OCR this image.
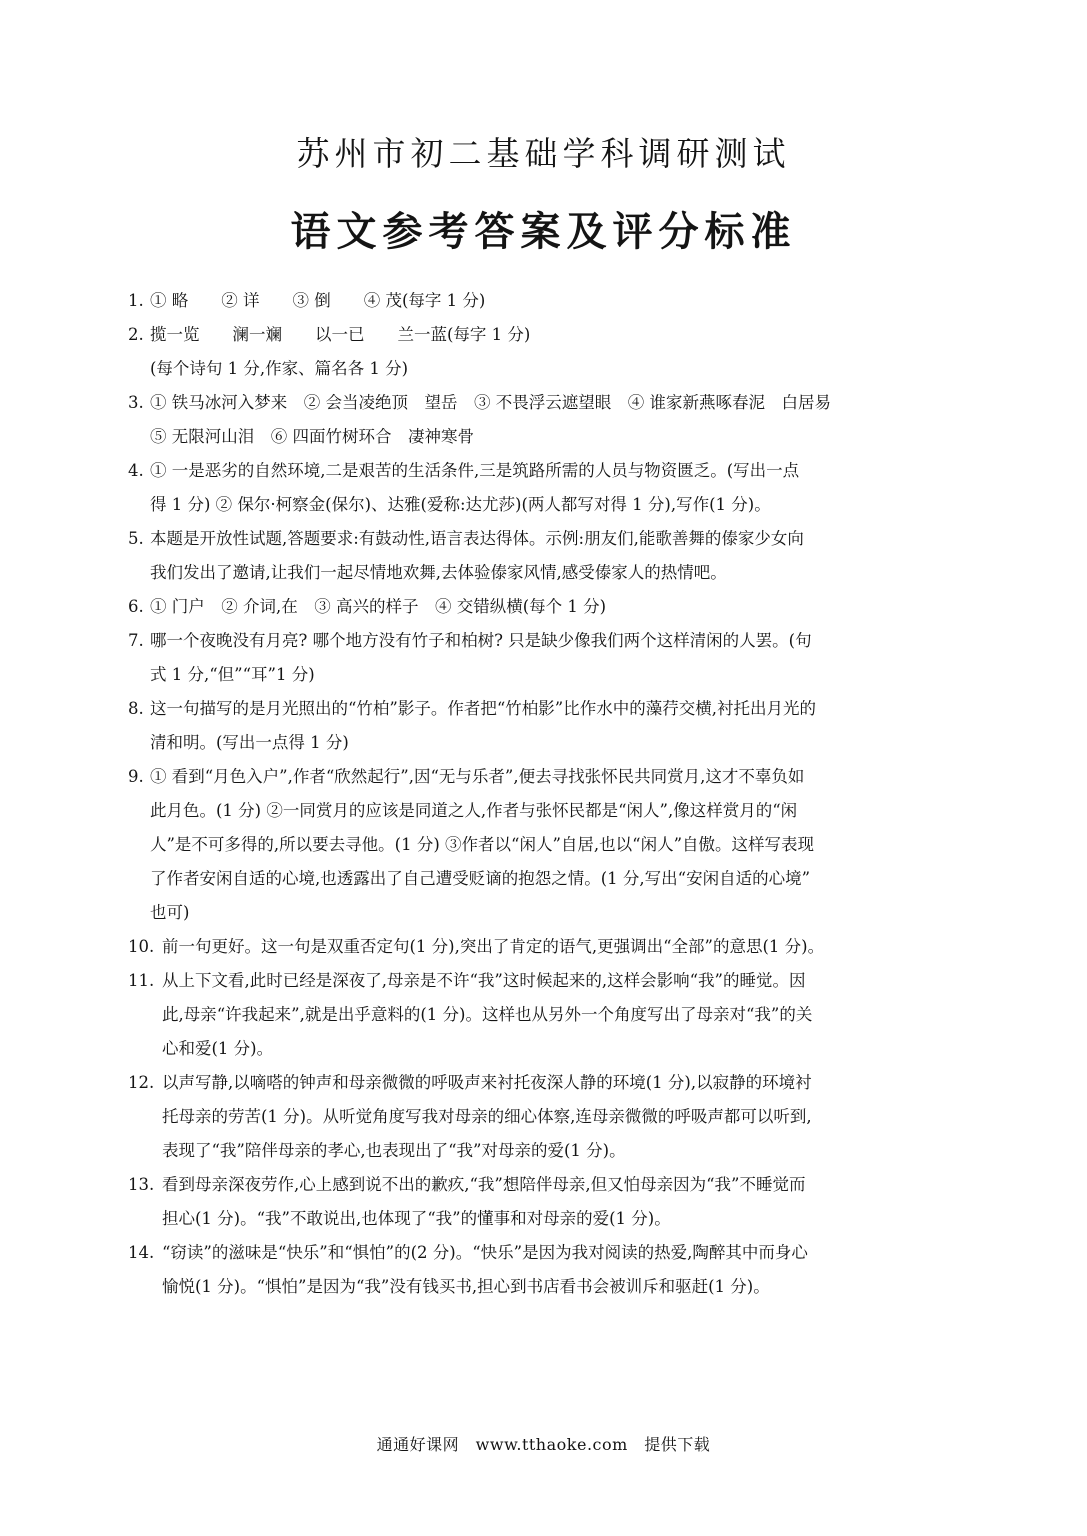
苏州市初二基础学科调研测试
语文参考答案及评分标准
1. ① 略　　② 详　　③ 倒　　④ 茂(每字 1 分)
2. 揽一览　　澜一斓　　以一已　　兰一蓝(每字 1 分)
(每个诗句 1 分,作家、篇名各 1 分)
3. ① 铁马冰河入梦来　② 会当凌绝顶　望岳　③ 不畏浮云遮望眼　④ 谁家新燕啄春泥　白居易
⑤ 无限河山泪　⑥ 四面竹树环合　凄神寒骨
4. ① 一是恶劣的自然环境,二是艰苦的生活条件,三是筑路所需的人员与物资匮乏。(写出一点
得 1 分) ② 保尔·柯察金(保尔)、达雅(爱称:达尤莎)(两人都写对得 1 分),写作(1 分)。
5. 本题是开放性试题,答题要求:有鼓动性,语言表达得体。示例:朋友们,能歌善舞的傣家少女向
我们发出了邀请,让我们一起尽情地欢舞,去体验傣家风情,感受傣家人的热情吧。
6. ① 门户　② 介词,在　③ 高兴的样子　④ 交错纵横(每个 1 分)
7. 哪一个夜晚没有月亮? 哪个地方没有竹子和柏树? 只是缺少像我们两个这样清闲的人罢。(句
式 1 分,“但”“耳”1 分)
8. 这一句描写的是月光照出的“竹柏”影子。作者把“竹柏影”比作水中的藻荇交横,衬托出月光的
清和明。(写出一点得 1 分)
9. ① 看到“月色入户”,作者“欣然起行”,因“无与乐者”,便去寻找张怀民共同赏月,这才不辜负如
此月色。(1 分) ②一同赏月的应该是同道之人,作者与张怀民都是“闲人”,像这样赏月的“闲
人”是不可多得的,所以要去寻他。(1 分) ③作者以“闲人”自居,也以“闲人”自傲。这样写表现
了作者安闲自适的心境,也透露出了自己遭受贬谪的抱怨之情。(1 分,写出“安闲自适的心境”
也可)
10. 前一句更好。这一句是双重否定句(1 分),突出了肯定的语气,更强调出“全部”的意思(1 分)。
11. 从上下文看,此时已经是深夜了,母亲是不许“我”这时候起来的,这样会影响“我”的睡觉。因
此,母亲“许我起来”,就是出乎意料的(1 分)。这样也从另外一个角度写出了母亲对“我”的关
心和爱(1 分)。
12. 以声写静,以嘀嗒的钟声和母亲微微的呼吸声来衬托夜深人静的环境(1 分),以寂静的环境衬
托母亲的劳苦(1 分)。从听觉角度写我对母亲的细心体察,连母亲微微的呼吸声都可以听到,
表现了“我”陪伴母亲的孝心,也表现出了“我”对母亲的爱(1 分)。
13. 看到母亲深夜劳作,心上感到说不出的歉疚,“我”想陪伴母亲,但又怕母亲因为“我”不睡觉而
担心(1 分)。“我”不敢说出,也体现了“我”的懂事和对母亲的爱(1 分)。
14. “窃读”的滋味是“快乐”和“惧怕”的(2 分)。“快乐”是因为我对阅读的热爱,陶醉其中而身心
愉悦(1 分)。“惧怕”是因为“我”没有钱买书,担心到书店看书会被训斥和驱赶(1 分)。
通通好课网　www.tthaoke.com　提供下载
